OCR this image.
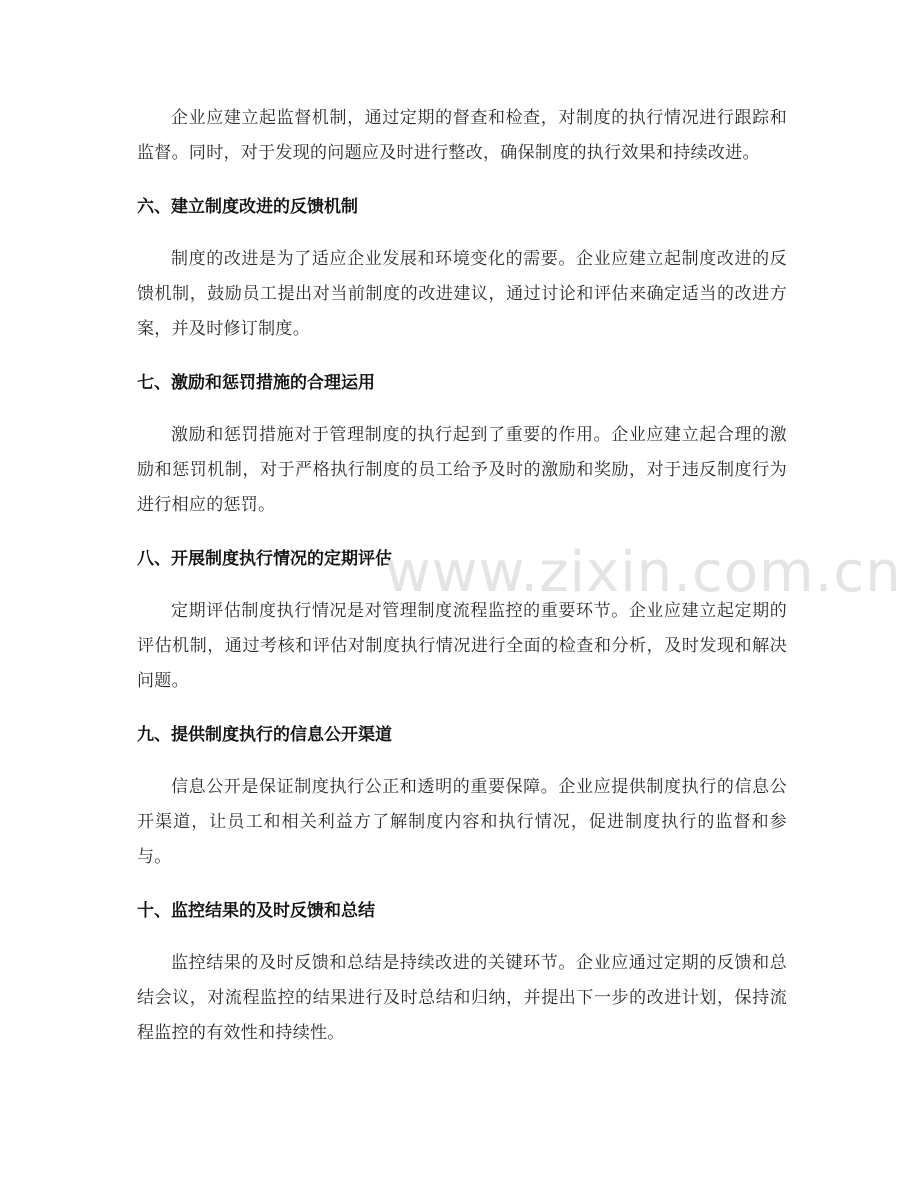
企业应建立起监督机制，通过定期的督查和检查，对制度的执行情况进行跟踪和监督。同时，对于发现的问题应及时进行整改，确保制度的执行效果和持续改进。

六、建立制度改进的反馈机制

制度的改进是为了适应企业发展和环境变化的需要。企业应建立起制度改进的反馈机制，鼓励员工提出对当前制度的改进建议，通过讨论和评估来确定适当的改进方案，并及时修订制度。

七、激励和惩罚措施的合理运用

激励和惩罚措施对于管理制度的执行起到了重要的作用。企业应建立起合理的激励和惩罚机制，对于严格执行制度的员工给予及时的激励和奖励，对于违反制度行为进行相应的惩罚。

八、开展制度执行情况的定期评估

定期评估制度执行情况是对管理制度流程监控的重要环节。企业应建立起定期的评估机制，通过考核和评估对制度执行情况进行全面的检查和分析，及时发现和解决问题。

九、提供制度执行的信息公开渠道

信息公开是保证制度执行公正和透明的重要保障。企业应提供制度执行的信息公开渠道，让员工和相关利益方了解制度内容和执行情况，促进制度执行的监督和参与。

十、监控结果的及时反馈和总结

监控结果的及时反馈和总结是持续改进的关键环节。企业应通过定期的反馈和总结会议，对流程监控的结果进行及时总结和归纳，并提出下一步的改进计划，保持流程监控的有效性和持续性。

www.zixin.com.cn
